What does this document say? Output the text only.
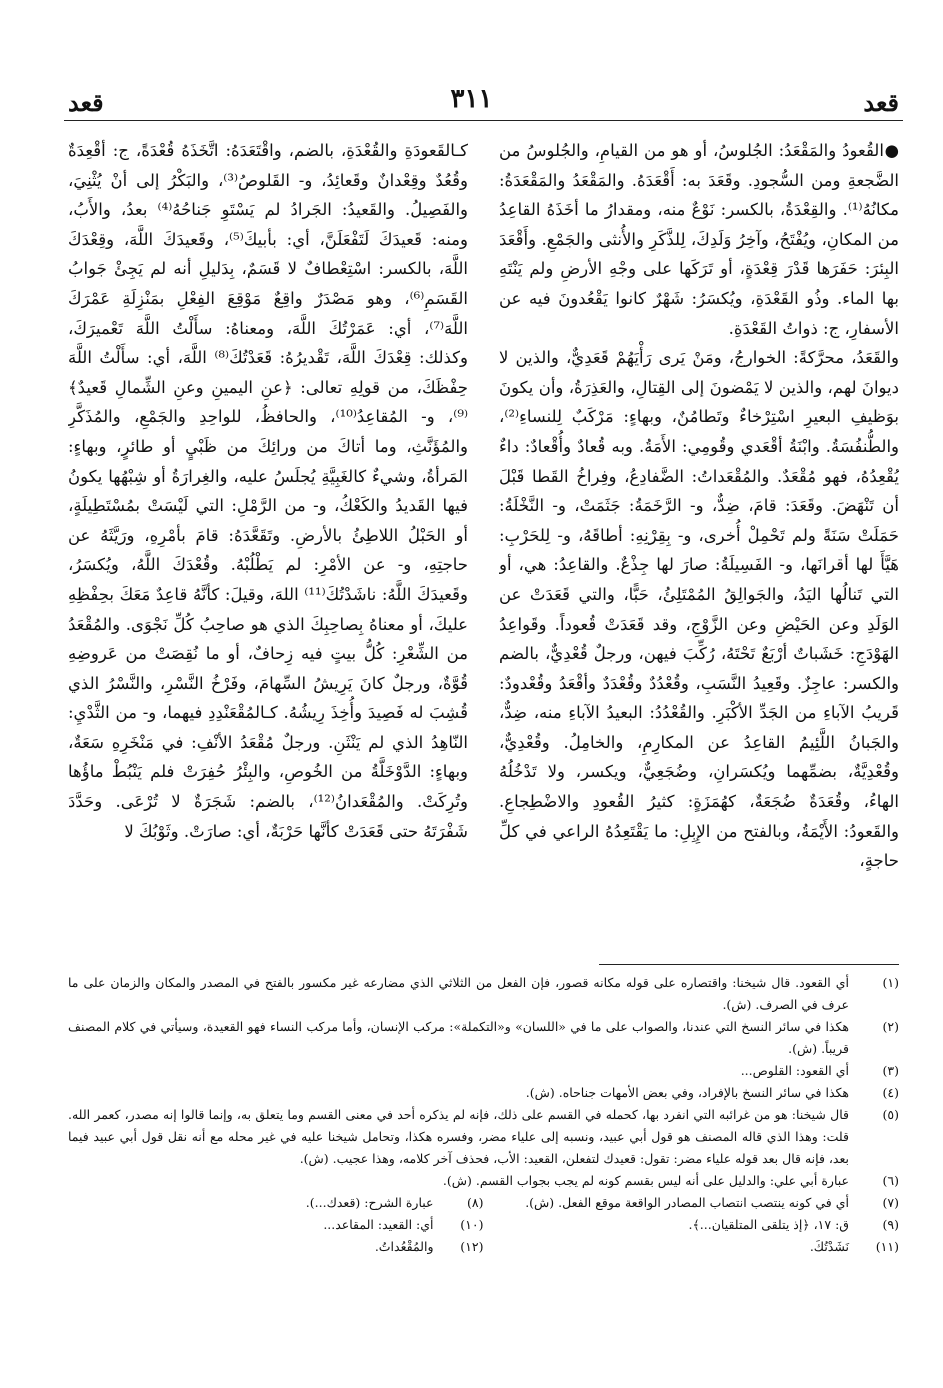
قعد
٣١١
قعد

●القُعودُ والمَقْعَدُ: الجُلوسُ، أو هو من القيامِ، والجُلوسُ من الضَّجعةِ ومن السُّجودِ. وقَعَدَ به: أَقْعَدَهُ. والمَقْعَدُ والمَقْعَدَةُ: مكانُهُ⁽¹⁾. والقِعْدَةُ، بالكسر: نَوْعٌ منه، ومقدارُ ما أخَذَهُ القاعِدُ من المكانِ، ويُفْتَحُ، وآخِرُ وَلَدِكَ، لِلذَّكَرِ والأُنثى والجَمْعِ. وأَقْعَدَ البِئرَ: حَفَرَها قَدْرَ قِعْدَةٍ، أو تَرَكَها على وجْهِ الأرضِ ولم يَنْتَهِ بها الماء. وذُو القَعْدَةِ، ويُكسَرُ: شَهْرٌ كانوا يَقْعُدونَ فيه عن الأسفارِ، ج: ذواتُ القَعْدَةِ.

والقَعَدُ، محرَّكةً: الخوارجُ، ومَنْ يَرى رَأْيَهُمْ قَعَدِيٌّ، والذين لا ديوانَ لهم، والذين لا يَمْضونَ إلى القِتالِ، والعَذِرَةُ، وأن يكونَ بوَظيفِ البعيرِ اسْتِرْخاءٌ وتَطامُنٌ، وبهاءٍ: مَرْكَبٌ لِلنساءِ⁽²⁾، والطُّنفُسَةُ. وابْنَةُ أقْعَدي وقُومِي: الأَمَةُ. وبه قُعادٌ وأُقْعادٌ: داءٌ يُقْعِدُهُ، فهو مُقْعَدٌ. والمُقْعَداتُ: الضَّفادِعُ، وفِراخُ القَطا قَبْلَ أن تَنْهَضَ. وقَعَدَ: قامَ، ضِدٌّ، و- الرَّخَمَةُ: جَثَمَتْ، و- النَّخْلَةُ: حَمَلَتْ سَنَةً ولم تَحْمِلْ أُخرى، و- بِقِرْنِهِ: أطاقَهُ، و- لِلحَرْبِ: هَيَّأَ لها أقرانَها، و- الفَسِيلَةُ: صارَ لها جِذْعٌ. والقاعِدُ: هي، أو التي تَنالُها اليَدُ، والجَوالِقُ المُمْتَلِئُ، حَبًّا، والتي قَعَدَتْ عن الوَلَدِ وعن الحَيْضِ وعن الزَّوْجِ، وقد قَعَدَتْ قُعوداً. وقَواعِدُ الهَوْدَجِ: خَشَباتٌ أرْبَعٌ تَحْتَهُ، رُكِّبَ فيهن، ورجلٌ قُعْدِيٌّ، بالضم والكسر: عاجِزٌ. وقَعِيدُ النَّسَبِ، وقُعْدُدٌ وقُعْدَدٌ وأقْعَدُ وقُعْدودٌ: قَريبُ الآباءِ من الجَدِّ الأكْبَرِ. والقُعْدُدُ: البعيدُ الآباءِ منه، ضِدٌّ، والجَبانُ اللَّئِيمُ القاعِدُ عن المكارِمِ، والخامِلُ. وقُعْدِيٌّ، وقُعْدِيَّةٌ، بضمِّهما ويُكسَرانِ، وضُجَعِيٌّ، ويكسر، ولا تَدْخُلُهُ الهاءُ، وقُعَدَةٌ ضُجَعَةٌ، كهُمَزَةٍ: كثيرُ القُعودِ والاضْطِجاعِ. والقَعودُ: الأَيْمَةُ، وبالفتح من الإِبِلِ: ما يَقْتَعِدُهُ الراعي في كلِّ حاجةٍ،

كـالقَعودَةِ والقُعْدَةِ، بالضم، واقْتَعَدَهُ: اتَّخَذَهُ قُعْدَةً، ج: أقْعِدَةٌ وقُعُدٌ وقِعْدانٌ وقَعائِدُ، و- القَلوصُ⁽³⁾، والبَكْرُ إلى أنْ يُثْنِيَ، والفَصِيلُ. والقَعيدُ: الجَرادُ لم يَسْتَوِ جَناحُهُ⁽⁴⁾ بعدُ، والأَبُ، ومنه: قَعيدَكَ لَتَفْعَلَنَّ، أي: بأبيكَ⁽⁵⁾، وقَعيدَكَ اللَّهَ، وقِعْدَكَ اللَّهَ، بالكسر: اسْتِعْطافٌ لا قَسَمٌ، بِدَليلِ أنه لم يَجِئْ جَوابُ القَسَمِ⁽⁶⁾، وهو مَصْدَرٌ واقِعٌ مَوْقِعَ الفِعْلِ بمَنْزِلَةِ عَمْرَكَ اللَّهَ⁽⁷⁾، أي: عَمَرْتُكَ اللَّهَ، ومعناهُ: سأَلْتُ اللَّهَ تَعْميرَكَ، وكذلك: قِعْدَكَ اللَّهَ، تَقْديرُهُ: قَعَدْتُكَ⁽⁸⁾ اللَّهَ، أي: سأَلْتُ اللَّهَ حِفْظَكَ، من قولِهِ تعالى: ﴿عنِ اليمينِ وعنِ الشِّمالِ قَعيدٌ﴾⁽⁹⁾، و- المُقاعِدُ⁽¹⁰⁾، والحافظُ، للواحِدِ والجَمْعِ، والمُذَكَّرِ والمُؤَنَّثِ، وما أتاكَ من ورائِكَ من ظَبْيٍ أو طائرٍ، وبهاءٍ: المَرأةُ، وشيءٌ كالغَبِيَّةِ يُجلَسُ عليه، والغِرارَةُ أو شِبْهُها يكونُ فيها القَديدُ والكَعْكُ، و- من الرَّمْلِ: التي لَيْسَتْ بمُسْتَطِيلَةٍ، أو الحَبْلُ اللاطِئُ بالأرضِ. وتَقَعَّدَهُ: قامَ بأمْرِهِ، ورَيَّثَهُ عن حاجتِهِ، و- عن الأمْرِ: لم يَطْلُبْهُ. وقُعْدَكَ اللَّهُ، ويُكسَرُ، وقَعيدَكَ اللَّهُ: ناشَدْتُكَ⁽¹¹⁾ اللهَ، وقيلَ: كأنَّهُ قاعِدٌ مَعَكَ بحِفْظِهِ عليكَ، أو معناهُ بِصاحِبِكَ الذي هو صاحِبُ كُلِّ نَجْوَى. والمُقْعَدُ من الشِّعْرِ: كُلُّ بيتٍ فيه زِحافٌ، أو ما نُقِصَتْ من عَروضِهِ قُوَّةٌ، ورجلٌ كانَ يَرِيشُ السِّهامَ، وفَرْخُ النَّسْرِ، والنَّسْرُ الذي قُشِبَ له فَصِيدَ وأُخِذَ رِيشُهُ. كـالمُقْعَنْدِدِ فيهما، و- من الثَّدْيِ: النّاهِدُ الذي لم يَنْثَنِ. ورجلٌ مُقْعَدُ الأنْفِ: في مَنْخَرِهِ سَعَةٌ، وبهاءٍ: الدَّوْخَلَّةُ من الخُوصِ، والبِئْرُ حُفِرَتْ فلم يَنْبُطْ ماؤُها وتُرِكَتْ. والمُقْعَدانُ⁽¹²⁾، بالضم: شَجَرَةٌ لا تُرْعَى. وحَدَّدَ شَفْرَتَهُ حتى قَعَدَتْ كأنَّها حَرْبَةٌ، أي: صارَتْ. وثَوْبُكَ لا

(١)
أي القعود. قال شيخنا: واقتصاره على قوله مكانه قصور، فإن الفعل من الثلاثي الذي مضارعه غير مكسور بالفتح في المصدر والمكان والزمان على ما عرف في الصرف. (ش).

(٢)
هكذا في سائر النسخ التي عندنا، والصواب على ما في «اللسان» و«التكملة»: مركب الإنسان، وأما مركب النساء فهو القعيدة، وسيأتي في كلام المصنف قريباً. (ش).

(٣)
أي القعود: القلوص...

(٤)
هكذا في سائر النسخ بالإفراد، وفي بعض الأمهات جناحاه. (ش).

(٥)
قال شيخنا: هو من غرائبه التي انفرد بها، كحمله في القسم على ذلك، فإنه لم يذكره أحد في معنى القسم وما يتعلق به، وإنما قالوا إنه مصدر، كعمر الله. قلت: وهذا الذي قاله المصنف هو قول أبي عبيد، ونسبه إلى علياء مضر، وفسره هكذا، وتحامل شيخنا عليه في غير محله مع أنه نقل قول أبي عبيد فيما بعد، فإنه قال بعد قوله علياء مضر: تقول: قعيدك لتفعلن، القعيد: الأب، فحذف آخر كلامه، وهذا عجيب. (ش).

(٦)
عبارة أبي علي: والدليل على أنه ليس بقسم كونه لم يجب بجواب القسم. (ش).

(٧)
أي في كونه ينتصب انتصاب المصادر الواقعة موقع الفعل. (ش).

(٨)
عبارة الشرح: (قعدك...).

(٩)
ق: ١٧، ﴿إذ يتلقى المتلقيان...﴾.

(١٠)
أي: القعيد: المقاعد...

(١١)
نَشَدْتُكَ.

(١٢)
والمُقْعُداتُ.
